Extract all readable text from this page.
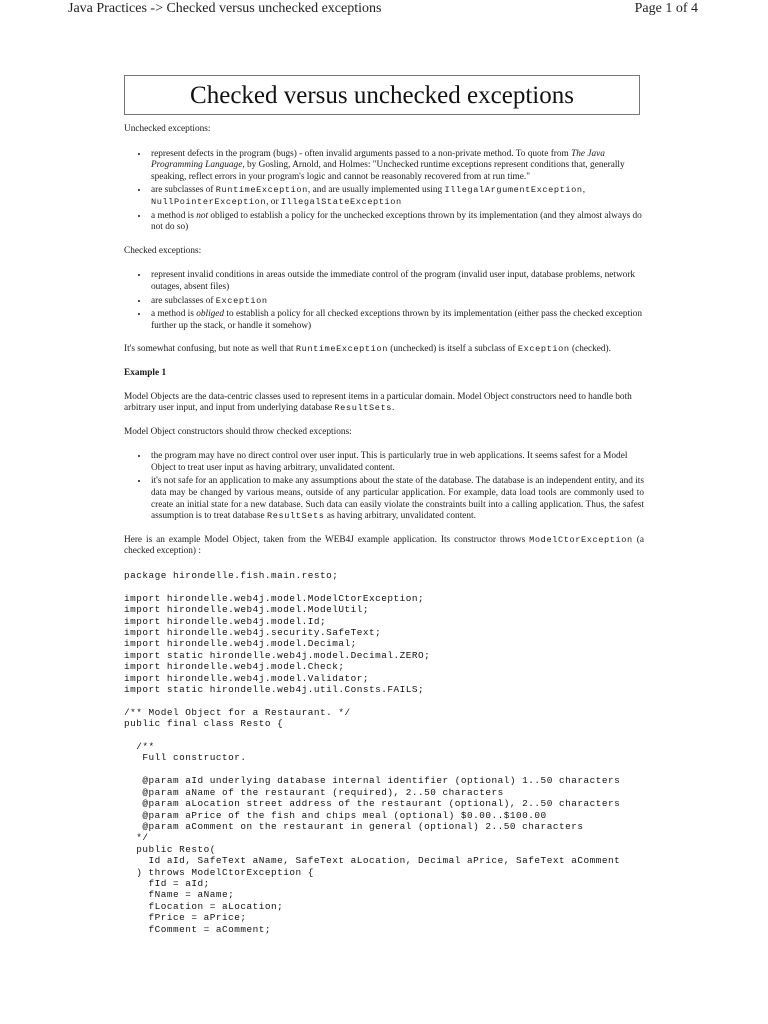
Java Practices -> Checked versus unchecked exceptions	Page 1 of 4
Checked versus unchecked exceptions

Unchecked exceptions:

• represent defects in the program (bugs) - often invalid arguments passed to a non-private method. To quote from The Java Programming Language, by Gosling, Arnold, and Holmes: "Unchecked runtime exceptions represent conditions that, generally speaking, reflect errors in your program's logic and cannot be reasonably recovered from at run time."
• are subclasses of RuntimeException, and are usually implemented using IllegalArgumentException, NullPointerException, or IllegalStateException
• a method is not obliged to establish a policy for the unchecked exceptions thrown by its implementation (and they almost always do not do so)

Checked exceptions:

• represent invalid conditions in areas outside the immediate control of the program (invalid user input, database problems, network outages, absent files)
• are subclasses of Exception
• a method is obliged to establish a policy for all checked exceptions thrown by its implementation (either pass the checked exception further up the stack, or handle it somehow)

It's somewhat confusing, but note as well that RuntimeException (unchecked) is itself a subclass of Exception (checked).

Example 1

Model Objects are the data-centric classes used to represent items in a particular domain. Model Object constructors need to handle both arbitrary user input, and input from underlying database ResultSets.

Model Object constructors should throw checked exceptions:

• the program may have no direct control over user input. This is particularly true in web applications. It seems safest for a Model Object to treat user input as having arbitrary, unvalidated content.
• it's not safe for an application to make any assumptions about the state of the database. The database is an independent entity, and its data may be changed by various means, outside of any particular application. For example, data load tools are commonly used to create an initial state for a new database. Such data can easily violate the constraints built into a calling application. Thus, the safest assumption is to treat database ResultSets as having arbitrary, unvalidated content.

Here is an example Model Object, taken from the WEB4J example application. Its constructor throws ModelCtorException (a checked exception) :

package hirondelle.fish.main.resto;
import hirondelle.web4j.model.ModelCtorException;
import hirondelle.web4j.model.ModelUtil;
import hirondelle.web4j.model.Id;
import hirondelle.web4j.security.SafeText;
import hirondelle.web4j.model.Decimal;
import static hirondelle.web4j.model.Decimal.ZERO;
import hirondelle.web4j.model.Check;
import hirondelle.web4j.model.Validator;
import static hirondelle.web4j.util.Consts.FAILS;
/** Model Object for a Restaurant. */
public final class Resto {
/**
Full constructor.
@param aId underlying database internal identifier (optional) 1..50 characters
@param aName of the restaurant (required), 2..50 characters
@param aLocation street address of the restaurant (optional), 2..50 characters
@param aPrice of the fish and chips meal (optional) $0.00..$100.00
@param aComment on the restaurant in general (optional) 2..50 characters
*/
public Resto(
Id aId, SafeText aName, SafeText aLocation, Decimal aPrice, SafeText aComment
) throws ModelCtorException {
fId = aId;
fName = aName;
fLocation = aLocation;
fPrice = aPrice;
fComment = aComment;
